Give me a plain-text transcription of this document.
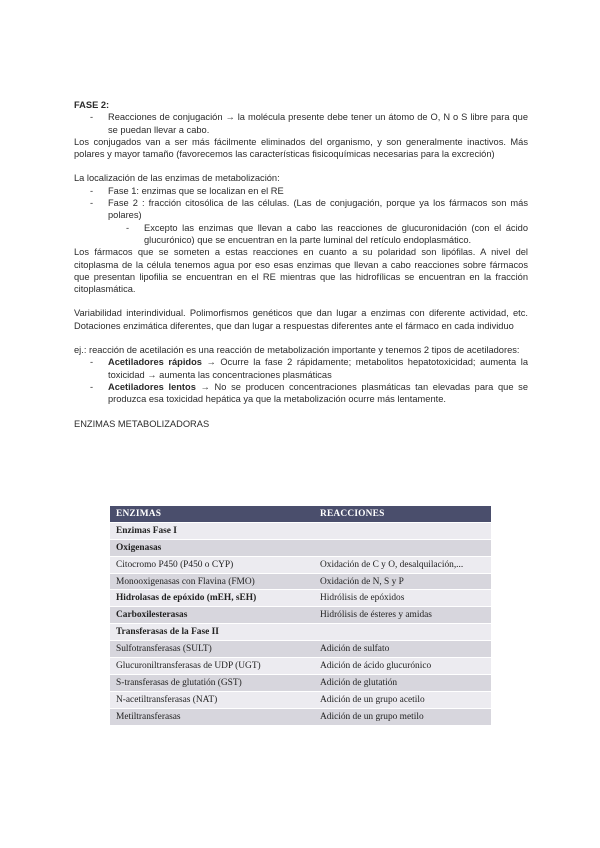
FASE 2:

- Reacciones de conjugación → la molécula presente debe tener un átomo de O, N o S libre para que se puedan llevar a cabo.

Los conjugados van a ser más fácilmente eliminados del organismo, y son generalmente inactivos. Más polares y mayor tamaño (favorecemos las características fisicoquímicas necesarias para la excreción)

La localización de las enzimas de metabolización:

- Fase 1: enzimas que se localizan en el RE
- Fase 2 : fracción citosólica de las células. (Las de conjugación, porque ya los fármacos son más polares)
- Excepto las enzimas que llevan a cabo las reacciones de glucuronidación (con el ácido glucurónico) que se encuentran en la parte luminal del retículo endoplasmático.

Los fármacos que se someten a estas reacciones en cuanto a su polaridad son lipófilas. A nivel del citoplasma de la célula tenemos agua por eso esas enzimas que llevan a cabo reacciones sobre fármacos que presentan lipofilia se encuentran en el RE mientras que las hidrofílicas se encuentran en la fracción citoplasmática.

Variabilidad interindividual. Polimorfismos genéticos que dan lugar a enzimas con diferente actividad, etc. Dotaciones enzimática diferentes, que dan lugar a respuestas diferentes ante el fármaco en cada individuo

ej.: reacción de acetilación es una reacción de metabolización importante y tenemos 2 tipos de acetiladores:

- Acetiladores rápidos → Ocurre la fase 2 rápidamente; metabolitos hepatotoxicidad; aumenta la toxicidad → aumenta las concentraciones plasmáticas
- Acetiladores lentos → No se producen concentraciones plasmáticas tan elevadas para que se produzca esa toxicidad hepática ya que la metabolización ocurre más lentamente.

ENZIMAS METABOLIZADORAS

ENZIMAS	REACCIONES
Enzimas Fase I	
Oxigenasas	
Citocromo P450 (P450 o CYP)	Oxidación de C y O, desalquilación,...
Monooxigenasas con Flavina (FMO)	Oxidación de N, S y P
Hidrolasas de epóxido (mEH, sEH)	Hidrólisis de epóxidos
Carboxilesterasas	Hidrólisis de ésteres y amidas
Transferasas de la Fase II	
Sulfotransferasas (SULT)	Adición de sulfato
Glucuroniltransferasas de UDP (UGT)	Adición de ácido glucurónico
S-transferasas de glutatión (GST)	Adición de glutatión
N-acetiltransferasas (NAT)	Adición de un grupo acetilo
Metiltransferasas	Adición de un grupo metilo
